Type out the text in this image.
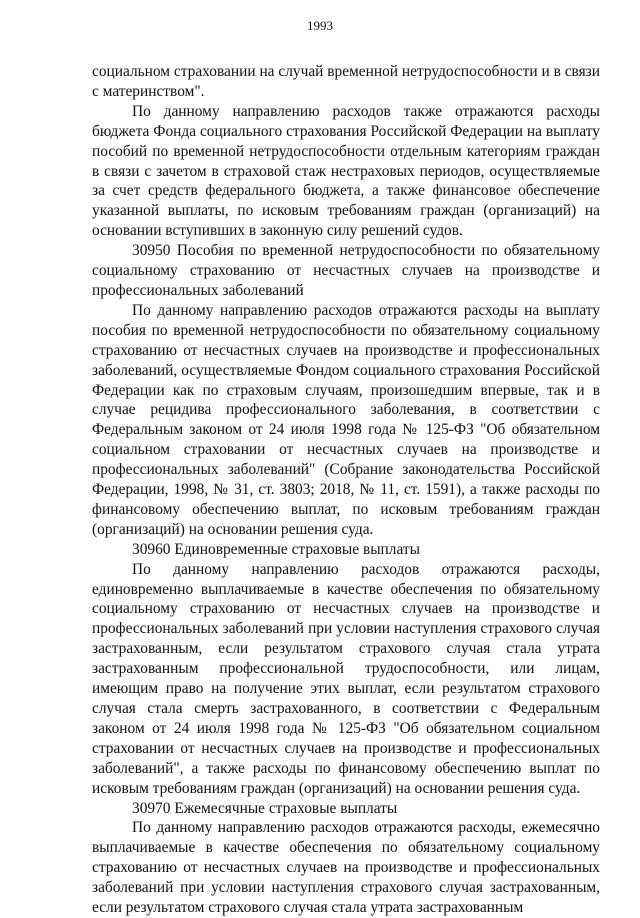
1993

социальном страховании на случай временной нетрудоспособности и в связи с материнством".

По данному направлению расходов также отражаются расходы бюджета Фонда социального страхования Российской Федерации на выплату пособий по временной нетрудоспособности отдельным категориям граждан в связи с зачетом в страховой стаж нестраховых периодов, осуществляемые за счет средств федерального бюджета, а также финансовое обеспечение указанной выплаты, по исковым требованиям граждан (организаций) на основании вступивших в законную силу решений судов.

30950 Пособия по временной нетрудоспособности по обязательному социальному страхованию от несчастных случаев на производстве и профессиональных заболеваний

По данному направлению расходов отражаются расходы на выплату пособия по временной нетрудоспособности по обязательному социальному страхованию от несчастных случаев на производстве и профессиональных заболеваний, осуществляемые Фондом социального страхования Российской Федерации как по страховым случаям, произошедшим впервые, так и в случае рецидива профессионального заболевания, в соответствии с Федеральным законом от 24 июля 1998 года № 125-ФЗ "Об обязательном социальном страховании от несчастных случаев на производстве и профессиональных заболеваний" (Собрание законодательства Российской Федерации, 1998, № 31, ст. 3803; 2018, № 11, ст. 1591), а также расходы по финансовому обеспечению выплат, по исковым требованиям граждан (организаций) на основании решения суда.

30960 Единовременные страховые выплаты

По данному направлению расходов отражаются расходы, единовременно выплачиваемые в качестве обеспечения по обязательному социальному страхованию от несчастных случаев на производстве и профессиональных заболеваний при условии наступления страхового случая застрахованным, если результатом страхового случая стала утрата застрахованным профессиональной трудоспособности, или лицам, имеющим право на получение этих выплат, если результатом страхового случая стала смерть застрахованного, в соответствии с Федеральным законом от 24 июля 1998 года № 125-ФЗ "Об обязательном социальном страховании от несчастных случаев на производстве и профессиональных заболеваний", а также расходы по финансовому обеспечению выплат по исковым требованиям граждан (организаций) на основании решения суда.

30970 Ежемесячные страховые выплаты

По данному направлению расходов отражаются расходы, ежемесячно выплачиваемые в качестве обеспечения по обязательному социальному страхованию от несчастных случаев на производстве и профессиональных заболеваний при условии наступления страхового случая застрахованным, если результатом страхового случая стала утрата застрахованным
